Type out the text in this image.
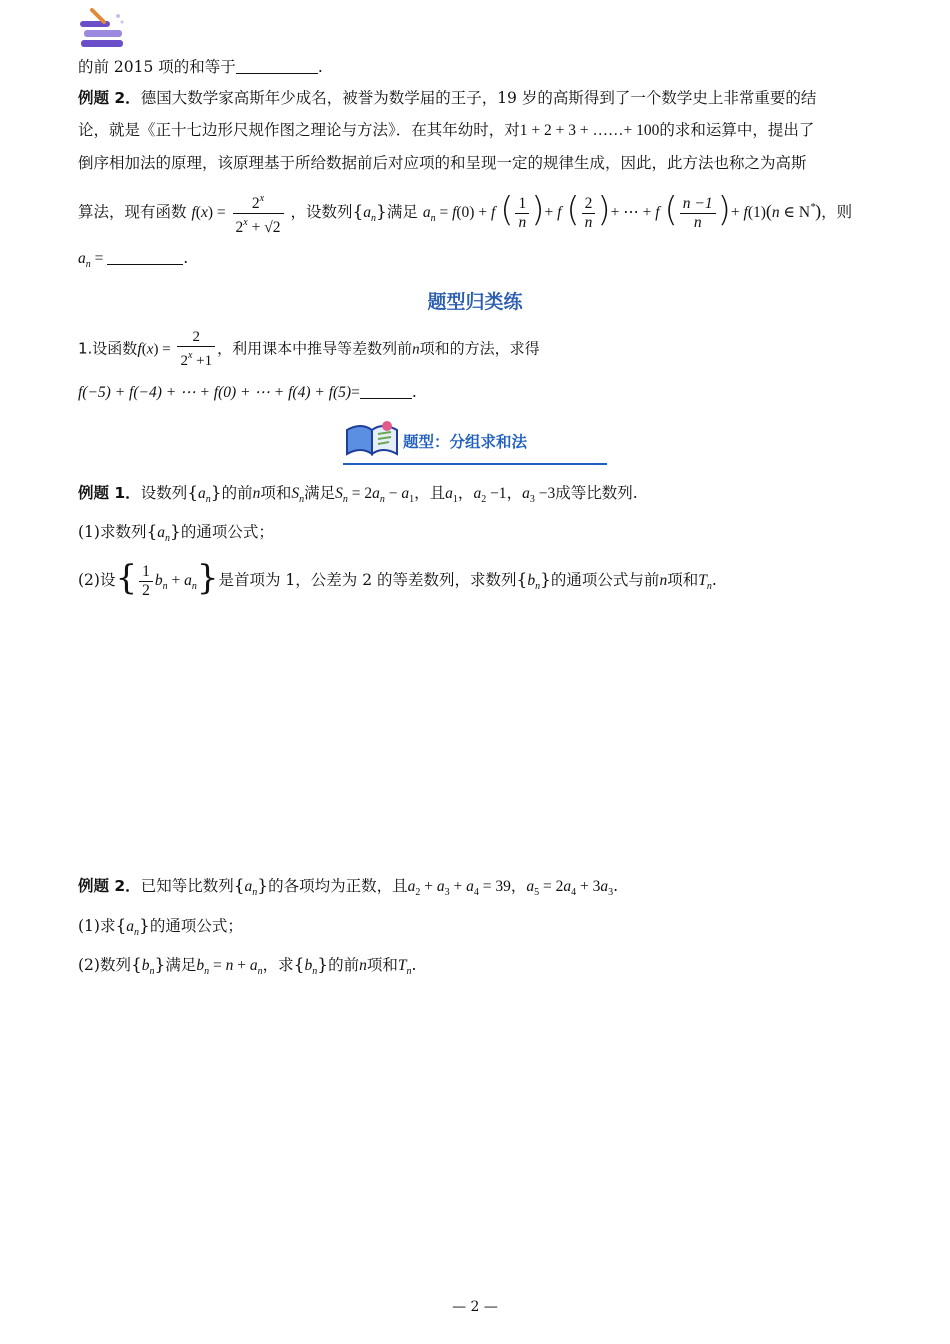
的前 2015 项的和等于	.
例题 2．德国大数学家高斯年少成名，被誉为数学届的王子，19 岁的高斯得到了一个数学史上非常重要的结
论，就是《正十七边形尺规作图之理论与方法》．在其年幼时，对1 + 2 + 3 + ……+ 100的求和运算中，提出了
倒序相加法的原理，该原理基于所给数据前后对应项的和呈现一定的规律生成，因此，此方法也称之为高斯
算法，现有函数 $f(x) = \frac{2^x}{2^x + √2}$ ，设数列$\{a_n\}$满足 $a_n = f(0) + f$ ( $\frac{1}{n}$ )+ f ( $\frac{2}{n}$ )+ ⋯ + f ( $\frac{n -1}{n}$ )+ f(1)(n ∈ N*)，则
$a_n$ =	.
题型归类练
1.设函数$f(x) = \frac{2}{2^x +1}$ ，利用课本中推导等差数列前n项和的方法，求得
f(−5) + f(−4) + ⋯ + f(0) + ⋯ + f(4) + f(5)=	.
题型：分组求和法
例题 1．设数列$\{a_n\}$的前n项和$S_n$满足$S_n = 2a_n - a_1$，且$a_1$，$a_2 -1$，$a_3 -3$成等比数列.
(1)求数列$\{a_n\}$的通项公式；
(2)设{ $\frac{1}{2} b_n + a_n$}是首项为 1，公差为 2 的等差数列，求数列$\{b_n\}$的通项公式与前n项和$T_n$.
例题 2．已知等比数列$\{a_n\}$的各项均为正数，且$a_2 + a_3 + a_4 = 39$，$a_5 = 2a_4 + 3a_3$.
(1)求$\{a_n\}$的通项公式；
(2)数列$\{b_n\}$满足$b_n = n + a_n$，求$\{b_n\}$的前n项和$T_n$.
— 2 —
